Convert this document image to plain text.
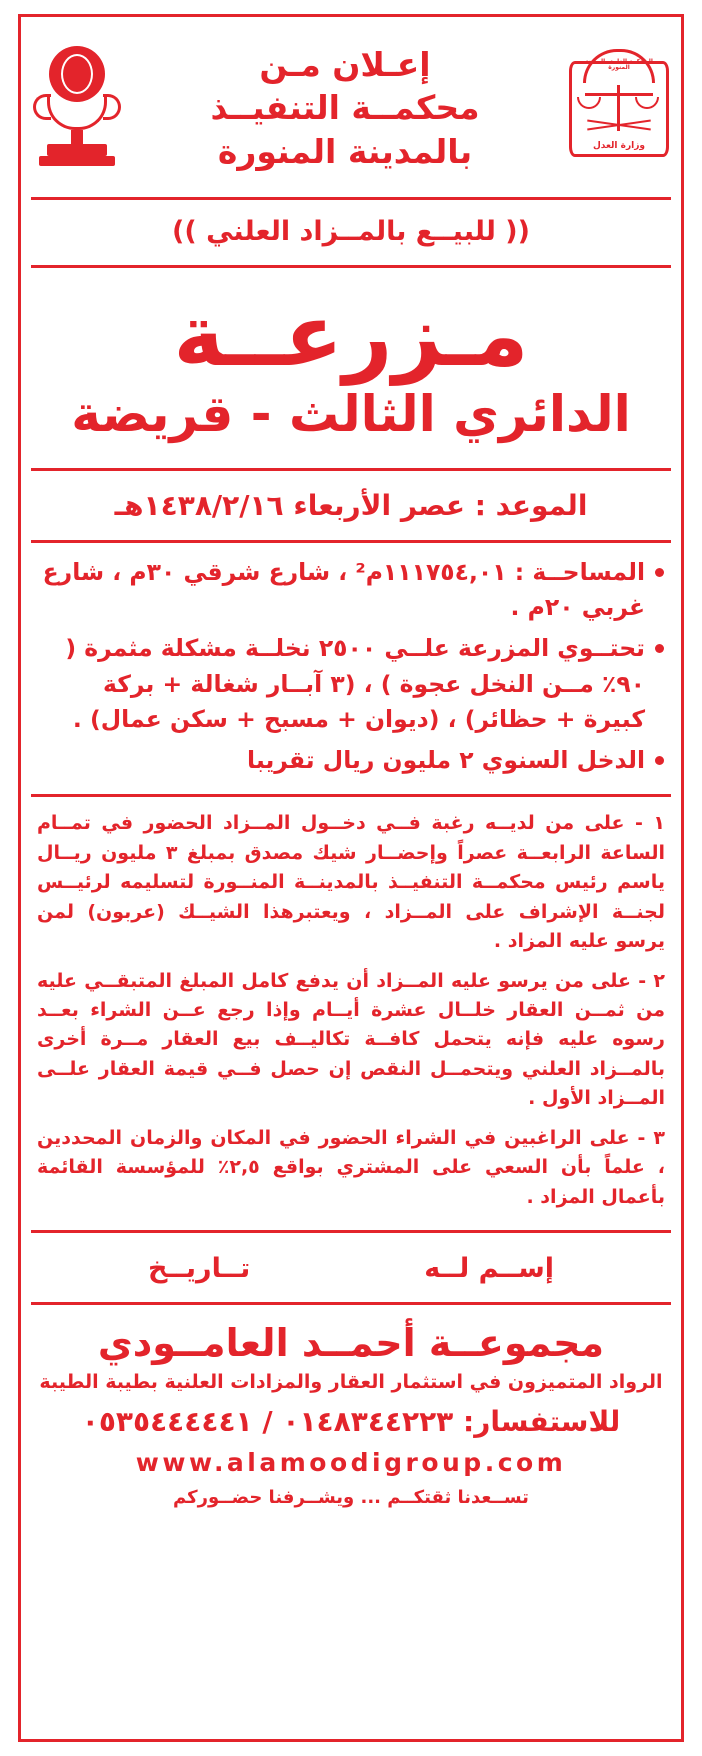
المحكمة العامة بالمدينة المنورة
وزارة العدل
إعـلان مـن
محكمــة التنفيــذ
بالمدينة المنورة
(( للبيــع بالمــزاد العلني ))
مـزرعــة
الدائري الثالث - قريضة
الموعد : عصر الأربعاء ١٤٣٨/٢/١٦هـ
المساحــة : ١١١٧٥٤,٠١م² ، شارع شرقي ٣٠م ، شارع غربي ٢٠م .
تحتــوي المزرعة علــي ٢٥٠٠ نخلــة مشكلة مثمرة ( ٩٠٪ مــن النخل عجوة ) ، (٣ آبــار شغالة + بركة كبيرة + حظائر) ، (ديوان + مسبح + سكن عمال) .
الدخل السنوي ٢ مليون ريال تقريبا
١ - على من لديــه رغبة فــي دخــول المــزاد الحضور في تمــام الساعة الرابعــة عصراً وإحضــار شيك مصدق بمبلغ ٣ مليون ريــال ياسم رئيس محكمــة التنفيــذ بالمدينــة المنــورة لتسليمه لرئيــس لجنــة الإشراف على المــزاد ، ويعتبرهذا الشيــك (عربون) لمن يرسو عليه المزاد .
٢ - على من يرسو عليه المــزاد أن يدفع كامل المبلغ المتبقــي عليه من ثمــن العقار خلــال عشرة أيــام وإذا رجع عــن الشراء بعــد رسوه عليه فإنه يتحمل كافــة تكاليــف بيع العقار مــرة أخرى بالمــزاد العلني ويتحمــل النقص إن حصل فــي قيمة العقار علــى المــزاد الأول .
٣ - على الراغبين في الشراء الحضور في المكان والزمان المحددين ، علماً بأن السعي على المشتري بواقع ٢,٥٪ للمؤسسة القائمة بأعمال المزاد .
إســم لــه
تــاريــخ
مجموعــة أحمــد العامــودي
الرواد المتميزون في استثمار العقار والمزادات العلنية بطيبة الطيبة
للاستفسار: ٠١٤٨٣٤٤٢٢٣ / ٠٥٣٥٤٤٤٤٤١
www.alamoodigroup.com
تســعدنا ثقتكــم ... ويشــرفنا حضــوركم
